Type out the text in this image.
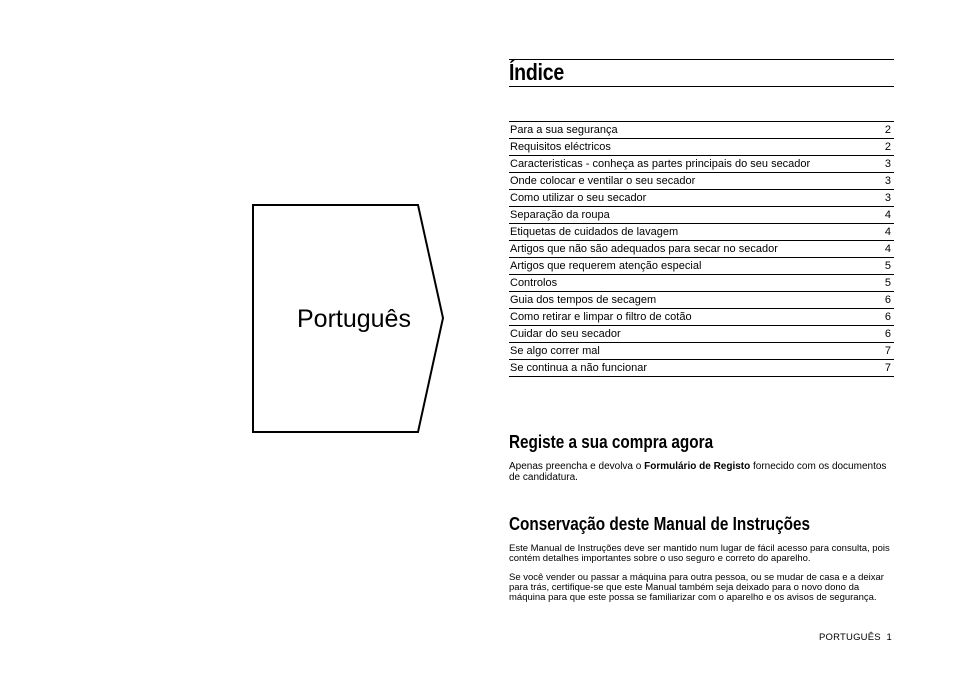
Português
Índice
Para a sua segurança	2
Requisitos eléctricos	2
Caracteristicas - conheça as partes principais do seu secador	3
Onde colocar e ventilar o seu secador	3
Como utilizar o seu secador	3
Separação da roupa	4
Etiquetas de cuidados de lavagem	4
Artigos que não são adequados para secar no secador	4
Artigos que requerem atenção especial	5
Controlos	5
Guia dos tempos de secagem	6
Como retirar e limpar o filtro de cotão	6
Cuidar do seu secador	6
Se algo correr mal	7
Se continua a não funcionar	7
Registe a sua compra agora
Apenas preencha e devolva o Formulário de Registo fornecido com os documentos de candidatura.
Conservação deste Manual de Instruções
Este Manual de Instruções deve ser mantido num lugar de fácil acesso para consulta, pois contém detalhes importantes sobre o uso seguro e correto do aparelho.
Se você vender ou passar a máquina para outra pessoa, ou se mudar de casa e a deixar para trás, certifique-se que este Manual também seja deixado para o novo dono da máquina para que este possa se familiarizar com o aparelho e os avisos de segurança.
PORTUGUÊS 1
